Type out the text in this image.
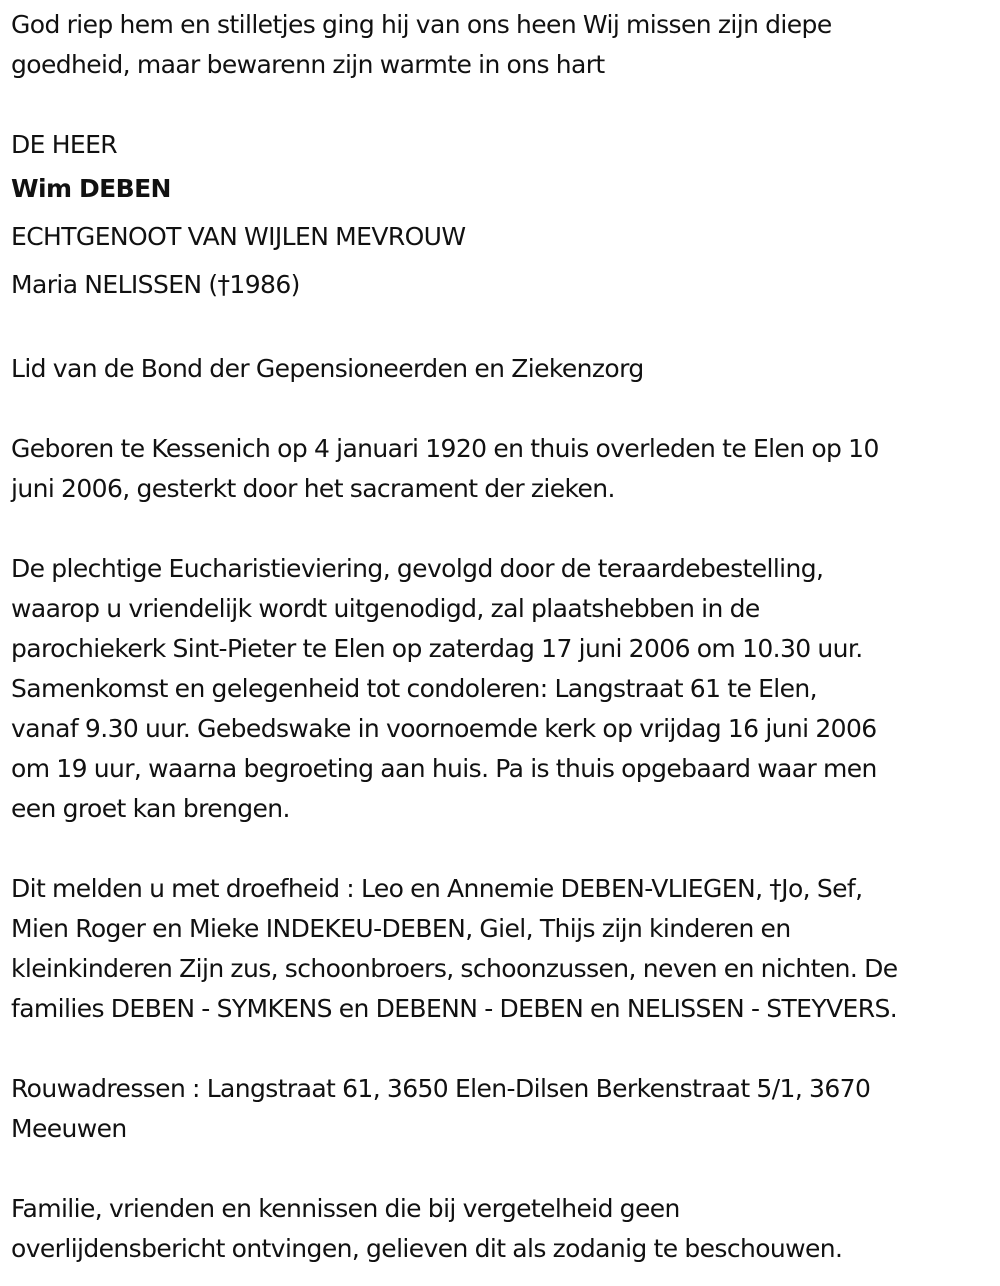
God riep hem en stilletjes ging hij van ons heen Wij missen zijn diepe
goedheid, maar bewarenn zijn warmte in ons hart
DE HEER
Wim DEBEN
ECHTGENOOT VAN WIJLEN MEVROUW
Maria NELISSEN (†1986)
Lid van de Bond der Gepensioneerden en Ziekenzorg
Geboren te Kessenich op 4 januari 1920 en thuis overleden te Elen op 10
juni 2006, gesterkt door het sacrament der zieken.
De plechtige Eucharistieviering, gevolgd door de teraardebestelling,
waarop u vriendelijk wordt uitgenodigd, zal plaatshebben in de
parochiekerk Sint-Pieter te Elen op zaterdag 17 juni 2006 om 10.30 uur.
Samenkomst en gelegenheid tot condoleren: Langstraat 61 te Elen,
vanaf 9.30 uur. Gebedswake in voornoemde kerk op vrijdag 16 juni 2006
om 19 uur, waarna begroeting aan huis. Pa is thuis opgebaard waar men
een groet kan brengen.
Dit melden u met droefheid : Leo en Annemie DEBEN-VLIEGEN, †Jo, Sef,
Mien Roger en Mieke INDEKEU-DEBEN, Giel, Thijs zijn kinderen en
kleinkinderen Zijn zus, schoonbroers, schoonzussen, neven en nichten. De
families DEBEN - SYMKENS en DEBENN - DEBEN en NELISSEN - STEYVERS.
Rouwadressen : Langstraat 61, 3650 Elen-Dilsen Berkenstraat 5/1, 3670
Meeuwen
Familie, vrienden en kennissen die bij vergetelheid geen
overlijdensbericht ontvingen, gelieven dit als zodanig te beschouwen.
